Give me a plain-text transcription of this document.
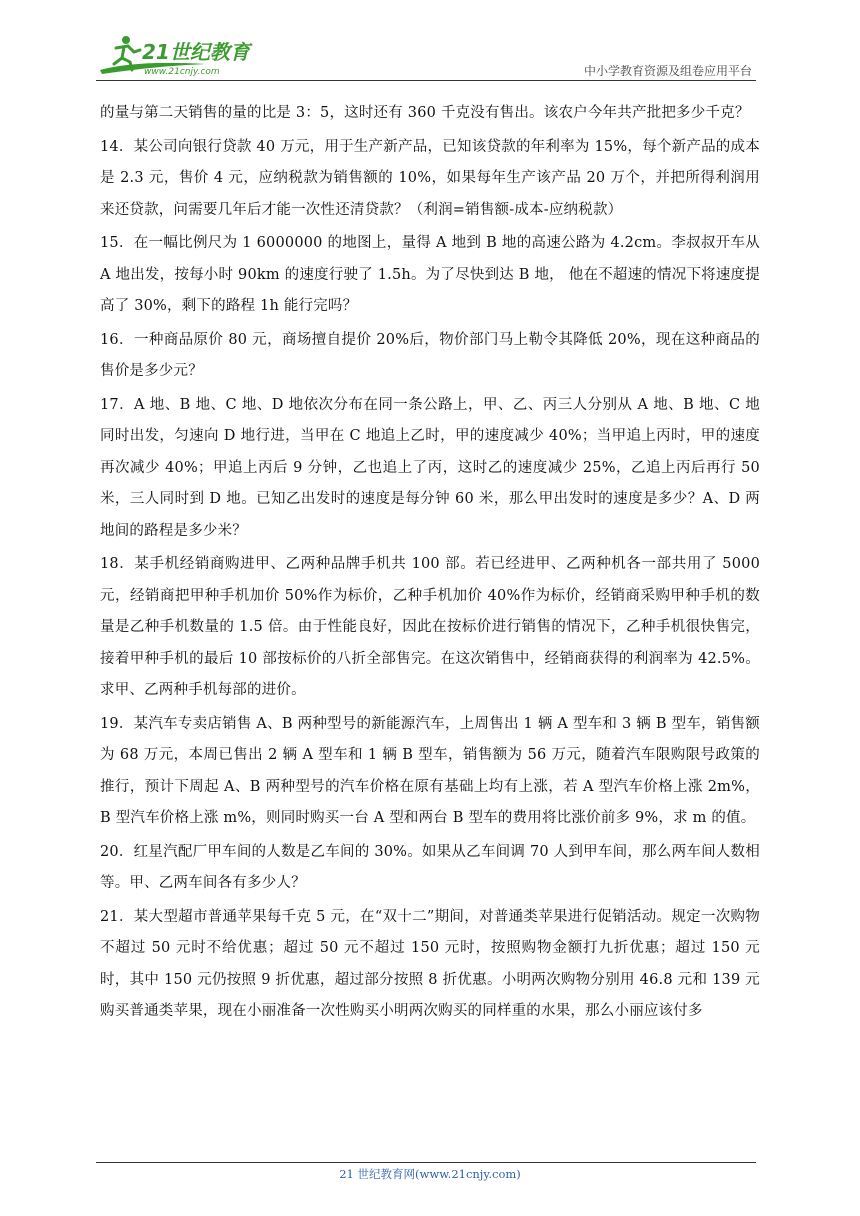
21世纪教育
www.21cnjy.com	中小学教育资源及组卷应用平台

的量与第二天销售的量的比是 3：5，这时还有 360 千克没有售出。该农户今年共产批把多少千克？

14．某公司向银行贷款 40 万元，用于生产新产品，已知该贷款的年利率为 15%，每个新产品的成本是 2.3 元，售价 4 元，应纳税款为销售额的 10%，如果每年生产该产品 20 万个，并把所得利润用来还贷款，问需要几年后才能一次性还清贷款？（利润=销售额-成本-应纳税款）

15．在一幅比例尺为 1 6000000 的地图上，量得 A 地到 B 地的高速公路为 4.2cm。李叔叔开车从 A 地出发，按每小时 90km 的速度行驶了 1.5h。为了尽快到达 B 地， 他在不超速的情况下将速度提高了 30%，剩下的路程 1h 能行完吗？

16．一种商品原价 80 元，商场擅自提价 20%后，物价部门马上勒令其降低 20%，现在这种商品的售价是多少元？

17．A 地、B 地、C 地、D 地依次分布在同一条公路上，甲、乙、丙三人分别从 A 地、B 地、C 地同时出发，匀速向 D 地行进，当甲在 C 地追上乙时，甲的速度减少 40%；当甲追上丙时，甲的速度再次减少 40%；甲追上丙后 9 分钟，乙也追上了丙，这时乙的速度减少 25%，乙追上丙后再行 50 米，三人同时到 D 地。已知乙出发时的速度是每分钟 60 米，那么甲出发时的速度是多少？A、D 两地间的路程是多少米？

18．某手机经销商购进甲、乙两种品牌手机共 100 部。若已经进甲、乙两种机各一部共用了 5000 元，经销商把甲种手机加价 50%作为标价，乙种手机加价 40%作为标价，经销商采购甲种手机的数量是乙种手机数量的 1.5 倍。由于性能良好，因此在按标价进行销售的情况下，乙种手机很快售完，接着甲种手机的最后 10 部按标价的八折全部售完。在这次销售中，经销商获得的利润率为 42.5%。求甲、乙两种手机每部的进价。

19．某汽车专卖店销售 A、B 两种型号的新能源汽车，上周售出 1 辆 A 型车和 3 辆 B 型车，销售额为 68 万元，本周已售出 2 辆 A 型车和 1 辆 B 型车，销售额为 56 万元，随着汽车限购限号政策的推行，预计下周起 A、B 两种型号的汽车价格在原有基础上均有上涨，若 A 型汽车价格上涨 2m%，B 型汽车价格上涨 m%，则同时购买一台 A 型和两台 B 型车的费用将比涨价前多 9%，求 m 的值。

20．红星汽配厂甲车间的人数是乙车间的 30%。如果从乙车间调 70 人到甲车间，那么两车间人数相等。甲、乙两车间各有多少人？

21．某大型超市普通苹果每千克 5 元，在“双十二”期间，对普通类苹果进行促销活动。规定一次购物不超过 50 元时不给优惠；超过 50 元不超过 150 元时，按照购物金额打九折优惠；超过 150 元时，其中 150 元仍按照 9 折优惠，超过部分按照 8 折优惠。小明两次购物分别用 46.8 元和 139 元购买普通类苹果，现在小丽准备一次性购买小明两次购买的同样重的水果，那么小丽应该付多

21 世纪教育网(www.21cnjy.com)
